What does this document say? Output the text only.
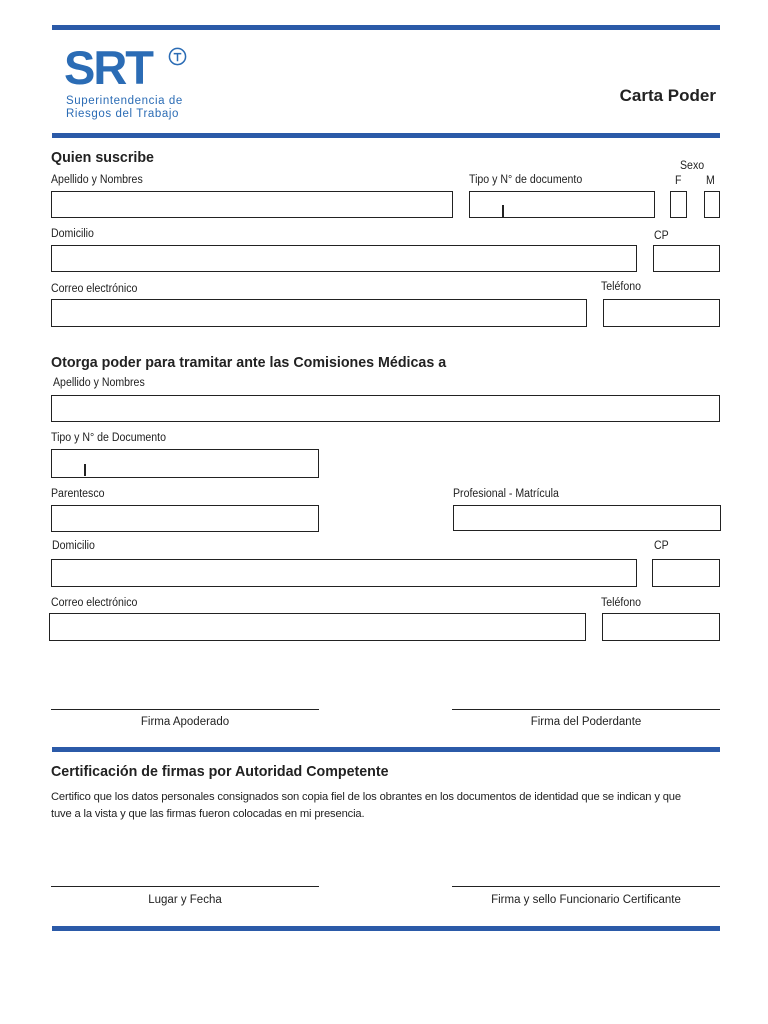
SRT
Superintendencia de
Riesgos del Trabajo
Carta Poder
Quien suscribe	Sexo
Apellido y Nombres	Tipo y N° de documento	F M
Domicilio	CP
Correo electrónico	Teléfono
Otorga poder para tramitar ante las Comisiones Médicas a
Apellido y Nombres
Tipo y N° de Documento
Parentesco	Profesional - Matrícula
Domicilio	CP
Correo electrónico	Teléfono
Firma Apoderado	Firma del Poderdante
Certificación de firmas por Autoridad Competente
Certifico que los datos personales consignados son copia fiel de los obrantes en los documentos de identidad que se indican y que
tuve a la vista y que las firmas fueron colocadas en mi presencia.
Lugar y Fecha	Firma y sello Funcionario Certificante
